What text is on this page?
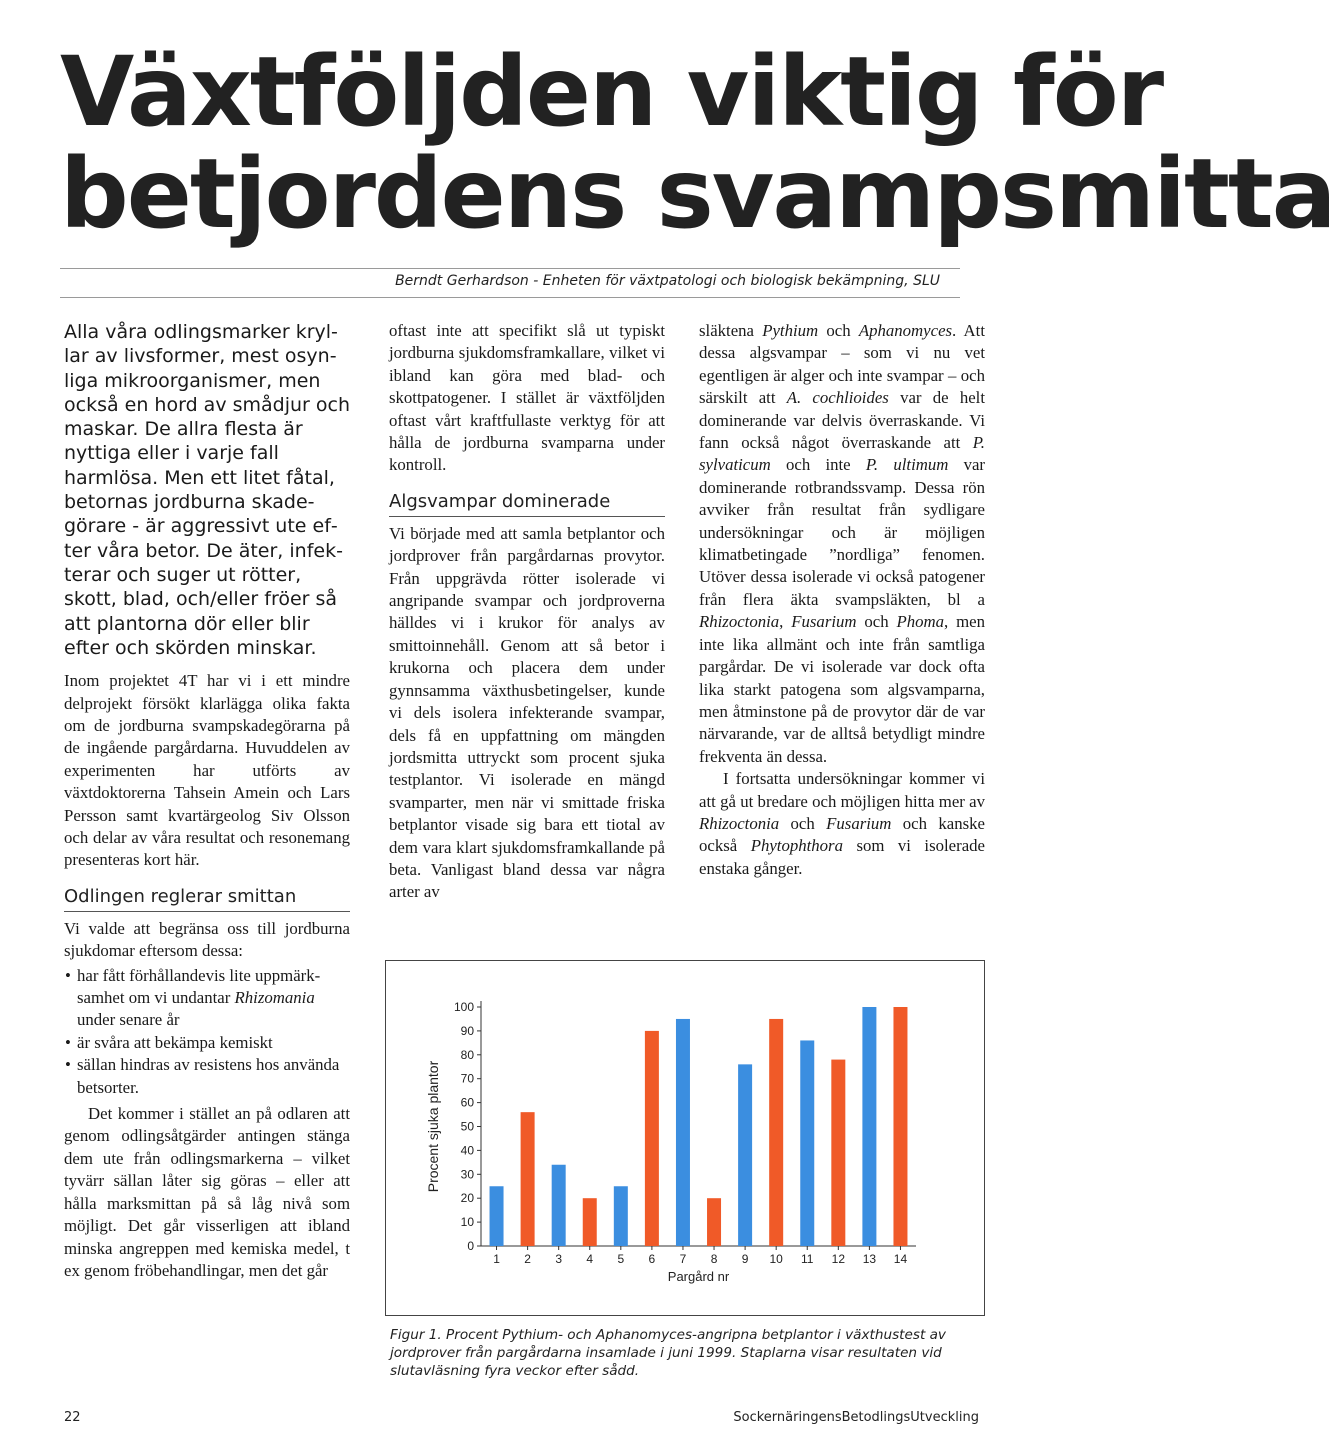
Växtföljden viktig för
betjordens svampsmitta
Berndt Gerhardson - Enheten för växtpatologi och biologisk bekämpning, SLU

Alla våra odlingsmarker kryllar av livsformer, mest osynliga mikroorganismer, men också en hord av smådjur och maskar. De allra flesta är nyttiga eller i varje fall harmlösa. Men ett litet fåtal, betornas jordburna skadegörare - är aggressivt ute efter våra betor. De äter, infekterar och suger ut rötter, skott, blad, och/eller fröer så att plantorna dör eller blir efter och skörden minskar.

Inom projektet 4T har vi i ett mindre delprojekt försökt klarlägga olika fakta om de jordburna svampskadegörarna på de ingående pargårdarna. Huvuddelen av experimenten har utförts av växtdoktorerna Tahsein Amein och Lars Persson samt kvartärgeolog Siv Olsson och delar av våra resultat och resonemang presenteras kort här.

Odlingen reglerar smittan

Vi valde att begränsa oss till jordburna sjukdomar eftersom dessa:

• har fått förhållandevis lite uppmärksamhet om vi undantar Rhizomania under senare år
• är svåra att bekämpa kemiskt
• sällan hindras av resistens hos använda betsorter.

Det kommer i stället an på odlaren att genom odlingsåtgärder antingen stänga dem ute från odlingsmarkerna – vilket tyvärr sällan låter sig göras – eller att hålla marksmittan på så låg nivå som möjligt. Det går visserligen att ibland minska angreppen med kemiska medel, t ex genom fröbehandlingar, men det går

oftast inte att specifikt slå ut typiskt jordburna sjukdomsframkallare, vilket vi ibland kan göra med blad- och skottpatogener. I stället är växtföljden oftast vårt kraftfullaste verktyg för att hålla de jordburna svamparna under kontroll.

Algsvampar dominerade

Vi började med att samla betplantor och jordprover från pargårdarnas provytor. Från uppgrävda rötter isolerade vi angripande svampar och jordproverna hälldes vi i krukor för analys av smittoinnehåll. Genom att så betor i krukorna och placera dem under gynnsamma växthusbetingelser, kunde vi dels isolera infekterande svampar, dels få en uppfattning om mängden jordsmitta uttryckt som procent sjuka testplantor. Vi isolerade en mängd svamparter, men när vi smittade friska betplantor visade sig bara ett tiotal av dem vara klart sjukdomsframkallande på beta. Vanligast bland dessa var några arter av

släktena Pythium och Aphanomyces. Att dessa algsvampar – som vi nu vet egentligen är alger och inte svampar – och särskilt att A. cochlioides var de helt dominerande var delvis överraskande. Vi fann också något överraskande att P. sylvaticum och inte P. ultimum var dominerande rotbrandssvamp. Dessa rön avviker från resultat från sydligare undersökningar och är möjligen klimatbetingade ”nordliga” fenomen. Utöver dessa isolerade vi också patogener från flera äkta svampsläkten, bl a Rhizoctonia, Fusarium och Phoma, men inte lika allmänt och inte från samtliga pargårdar. De vi isolerade var dock ofta lika starkt patogena som algsvamparna, men åtminstone på de provytor där de var närvarande, var de alltså betydligt mindre frekventa än dessa.

I fortsatta undersökningar kommer vi att gå ut bredare och möjligen hitta mer av Rhizoctonia och Fusarium och kanske också Phytophthora som vi isolerade enstaka gånger.

0
10
20
30
40
50
60
70
80
90
100
1 2 3 4 5 6 7 8 9 10 11 12 13 14
Pargård nr
Procent sjuka plantor

Figur 1. Procent Pythium- och Aphanomyces-angripna betplantor i växthustest av jordprover från pargårdarna insamlade i juni 1999. Staplarna visar resultaten vid slutavläsning fyra veckor efter sådd.

22	SockernäringensBetodlingsUtveckling
